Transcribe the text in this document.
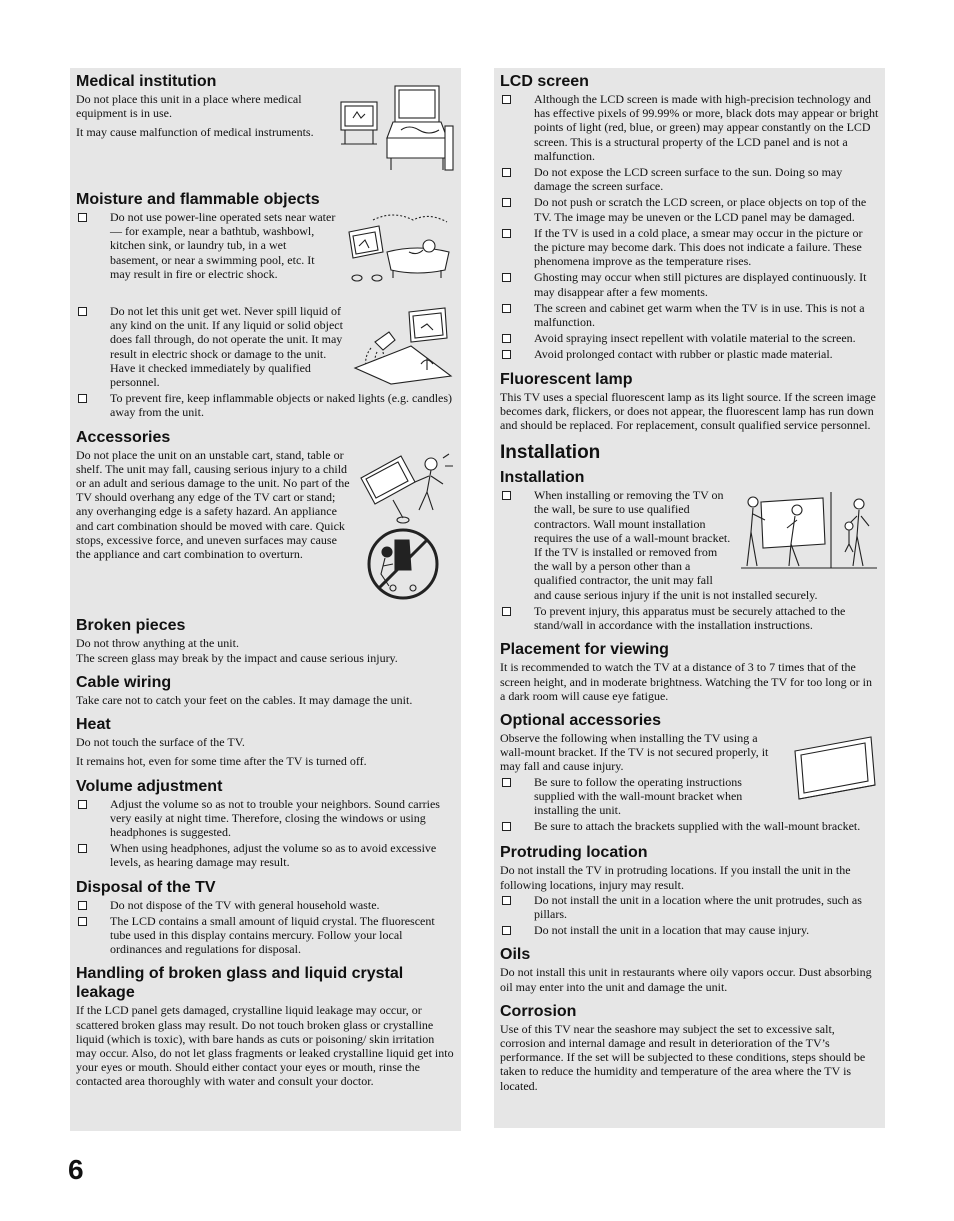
Medical institution

Do not place this unit in a place where medical equipment is in use.

It may cause malfunction of medical instruments.

Moisture and flammable objects
Do not use power-line operated sets near water — for example, near a bathtub, washbowl, kitchen sink, or laundry tub, in a wet basement, or near a swimming pool, etc. It may result in fire or electric shock.
Do not let this unit get wet. Never spill liquid of any kind on the unit. If any liquid or solid object does fall through, do not operate the unit. It may result in electric shock or damage to the unit. Have it checked immediately by qualified personnel.
To prevent fire, keep inflammable objects or naked lights (e.g. candles) away from the unit.
Accessories

Do not place the unit on an unstable cart, stand, table or shelf. The unit may fall, causing serious injury to a child or an adult and serious damage to the unit. No part of the TV should overhang any edge of the TV cart or stand; any overhanging edge is a safety hazard. An appliance and cart combination should be moved with care. Quick stops, excessive force, and uneven surfaces may cause the appliance and cart combination to overturn.

Broken pieces

Do not throw anything at the unit.

The screen glass may break by the impact and cause serious injury.

Cable wiring

Take care not to catch your feet on the cables. It may damage the unit.

Heat

Do not touch the surface of the TV.

It remains hot, even for some time after the TV is turned off.

Volume adjustment
Adjust the volume so as not to trouble your neighbors. Sound carries very easily at night time. Therefore, closing the windows or using headphones is suggested.
When using headphones, adjust the volume so as to avoid excessive levels, as hearing damage may result.
Disposal of the TV
Do not dispose of the TV with general household waste.
The LCD contains a small amount of liquid crystal. The fluorescent tube used in this display contains mercury. Follow your local ordinances and regulations for disposal.
Handling of broken glass and liquid crystal leakage

If the LCD panel gets damaged, crystalline liquid leakage may occur, or scattered broken glass may result. Do not touch broken glass or crystalline liquid (which is toxic), with bare hands as cuts or poisoning/ skin irritation may occur. Also, do not let glass fragments or leaked crystalline liquid get into your eyes or mouth. Should either contact your eyes or mouth, rinse the contacted area thoroughly with water and consult your doctor.

LCD screen
Although the LCD screen is made with high-precision technology and has effective pixels of 99.99% or more, black dots may appear or bright points of light (red, blue, or green) may appear constantly on the LCD screen. This is a structural property of the LCD panel and is not a malfunction.
Do not expose the LCD screen surface to the sun. Doing so may damage the screen surface.
Do not push or scratch the LCD screen, or place objects on top of the TV. The image may be uneven or the LCD panel may be damaged.
If the TV is used in a cold place, a smear may occur in the picture or the picture may become dark. This does not indicate a failure. These phenomena improve as the temperature rises.
Ghosting may occur when still pictures are displayed continuously. It may disappear after a few moments.
The screen and cabinet get warm when the TV is in use. This is not a malfunction.
Avoid spraying insect repellent with volatile material to the screen.
Avoid prolonged contact with rubber or plastic made material.
Fluorescent lamp

This TV uses a special fluorescent lamp as its light source. If the screen image becomes dark, flickers, or does not appear, the fluorescent lamp has run down and should be replaced. For replacement, consult qualified service personnel.

Installation
Installation
When installing or removing the TV on the wall, be sure to use qualified contractors. Wall mount installation requires the use of a wall-mount bracket. If the TV is installed or removed from the wall by a person other than a qualified contractor, the unit may fall and cause serious injury if the unit is not installed securely.
To prevent injury, this apparatus must be securely attached to the stand/wall in accordance with the installation instructions.
Placement for viewing

It is recommended to watch the TV at a distance of 3 to 7 times that of the screen height, and in moderate brightness. Watching the TV for too long or in a dark room will cause eye fatigue.

Optional accessories

Observe the following when installing the TV using a wall-mount bracket. If the TV is not secured properly, it may fall and cause injury.

Be sure to follow the operating instructions supplied with the wall-mount bracket when installing the unit.
Be sure to attach the brackets supplied with the wall-mount bracket.
Protruding location

Do not install the TV in protruding locations. If you install the unit in the following locations, injury may result.

Do not install the unit in a location where the unit protrudes, such as pillars.
Do not install the unit in a location that may cause injury.
Oils

Do not install this unit in restaurants where oily vapors occur. Dust absorbing oil may enter into the unit and damage the unit.

Corrosion

Use of this TV near the seashore may subject the set to excessive salt, corrosion and internal damage and result in deterioration of the TV’s performance. If the set will be subjected to these conditions, steps should be taken to reduce the humidity and temperature of the area where the TV is located.

6
